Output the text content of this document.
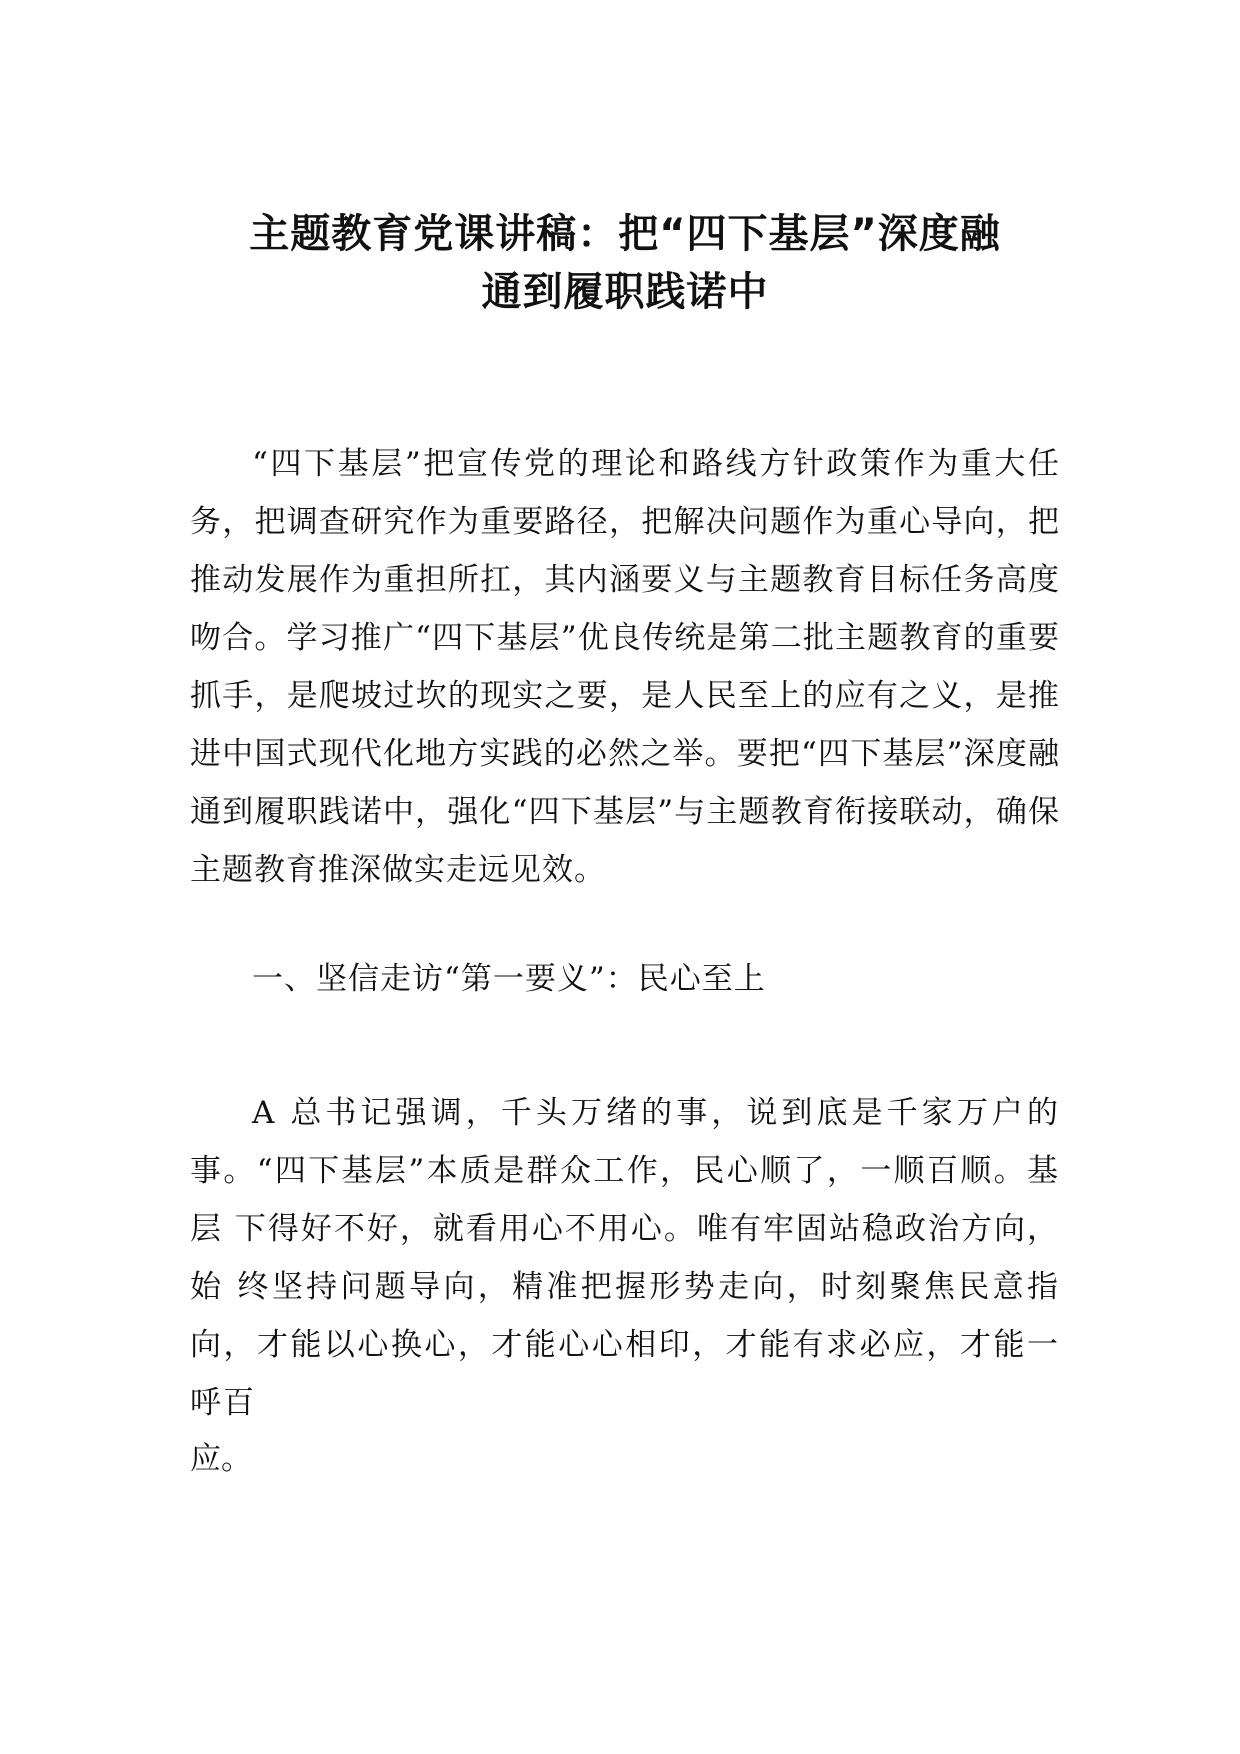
主题教育党课讲稿：把“四下基层”深度融
通到履职践诺中

“四下基层”把宣传党的理论和路线方针政策作为重大任务，把调查研究作为重要路径，把解决问题作为重心导向，把推动发展作为重担所扛，其内涵要义与主题教育目标任务高度吻合。学习推广“四下基层”优良传统是第二批主题教育的重要抓手，是爬坡过坎的现实之要，是人民至上的应有之义，是推进中国式现代化地方实践的必然之举。要把“四下基层”深度融通到履职践诺中，强化“四下基层”与主题教育衔接联动，确保主题教育推深做实走远见效。

一、坚信走访“第一要义”：民心至上

A 总书记强调，千头万绪的事，说到底是千家万户的事。“四下基层”本质是群众工作，民心顺了，一顺百顺。基层 下得好不好，就看用心不用心。唯有牢固站稳政治方向，始 终坚持问题导向，精准把握形势走向，时刻聚焦民意指向，才能以心换心，才能心心相印，才能有求必应，才能一呼百

应。
